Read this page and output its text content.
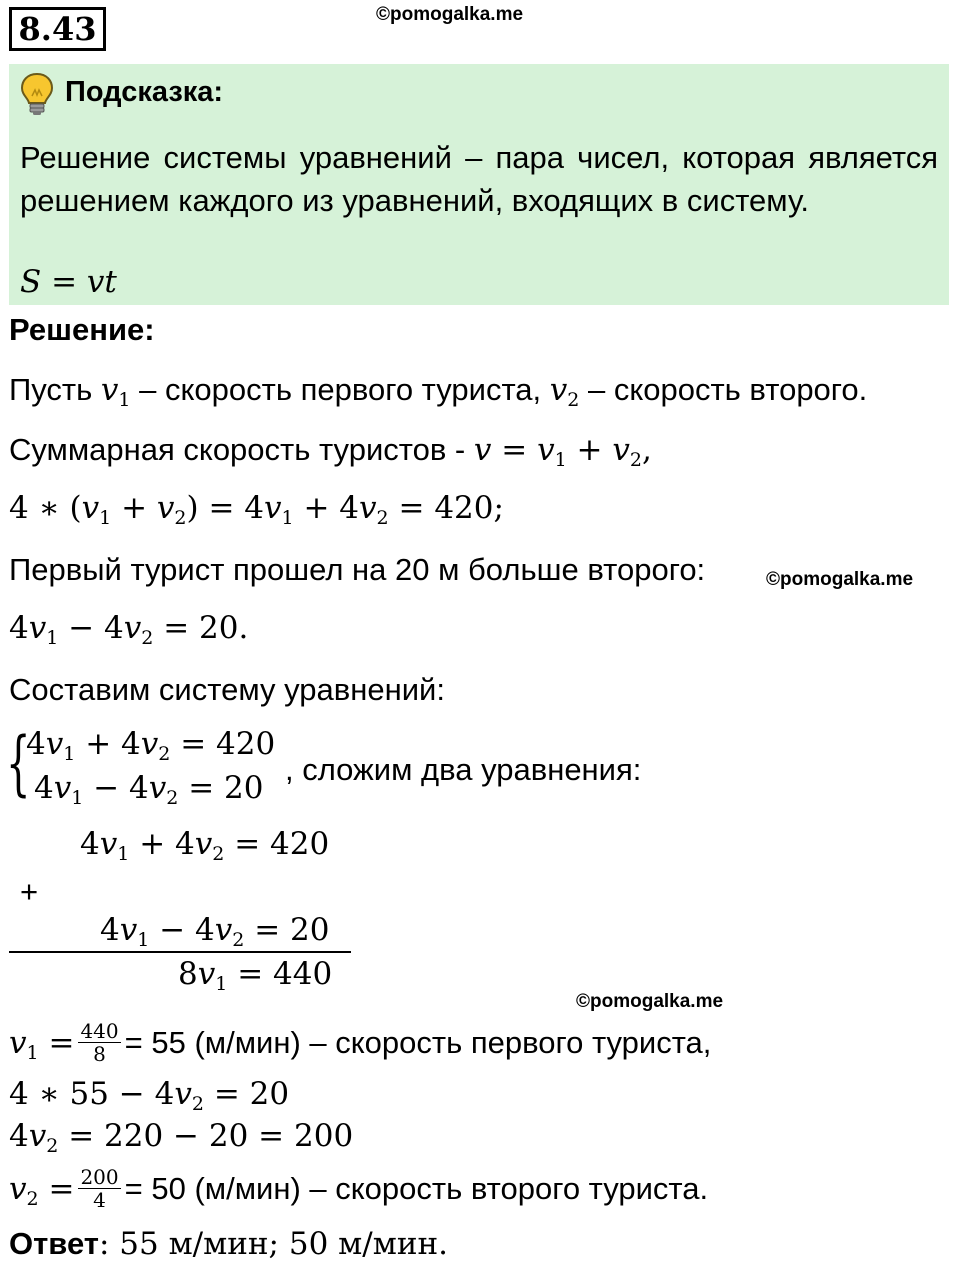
8.43	©pomogalka.me
Подсказка:
Решение системы уравнений – пара чисел, которая является решением каждого из уравнений, входящих в систему.
S = vt
Решение:
Пусть $v_1$ – скорость первого туриста, $v_2$ – скорость второго.
Суммарная скорость туристов - $v = v_1 + v_2$,
4 ∗ $(v_1 + v_2) = 4v_1 + 4v_2 = 420$;
Первый турист прошел на 20 м больше второго:	©pomogalka.me
$4v_1 - 4v_2 = 20$.
Составим систему уравнений:
{
$4v_1 + 4v_2 = 420$
$4v_1 - 4v_2 = 20$
, сложим два уравнения:
$4v_1 + 4v_2 = 420$
+
$4v_1 - 4v_2 = 20$
$8v_1 = 440$
©pomogalka.me
$v_1 = \frac{440}{8} = 55$ (м/мин) – скорость первого туриста,
4 ∗ $55 - 4v_2 = 20$
$4v_2 = 220 - 20 = 200$
$v_2 = \frac{200}{4} = 50$ (м/мин) – скорость второго туриста.
Ответ: 55 м/мин; 50 м/мин.
